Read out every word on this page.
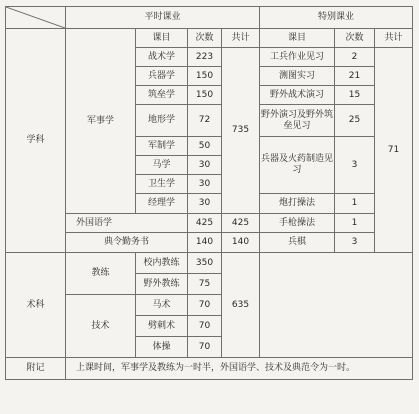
	平时课业				特别课业		
学科	军事学	课目	次数	共计	课目	次数	共计
		战术学	223	735	工兵作业见习	2	71
		兵器学	150		测图实习	21	
		筑垒学	150		野外战术演习	15	
		地形学	72		野外演习及野外筑垒见习	25	
		军制学	50		兵器及火药制造见习	3	
		马学	30				
		卫生学	30				
		经理学	30		炮打操法	1	
	外国语学		425	425	手枪操法	1	
	典令勤务书		140	140	兵棋	3	
术科	教练	校内教练	350	635			
		野外教练	75				
	技术	马术	70				
		劈刺术	70				
		体操	70				
附记	上课时间，军事学及教练为一时半，外国语学、技术及典范令为一时。						
